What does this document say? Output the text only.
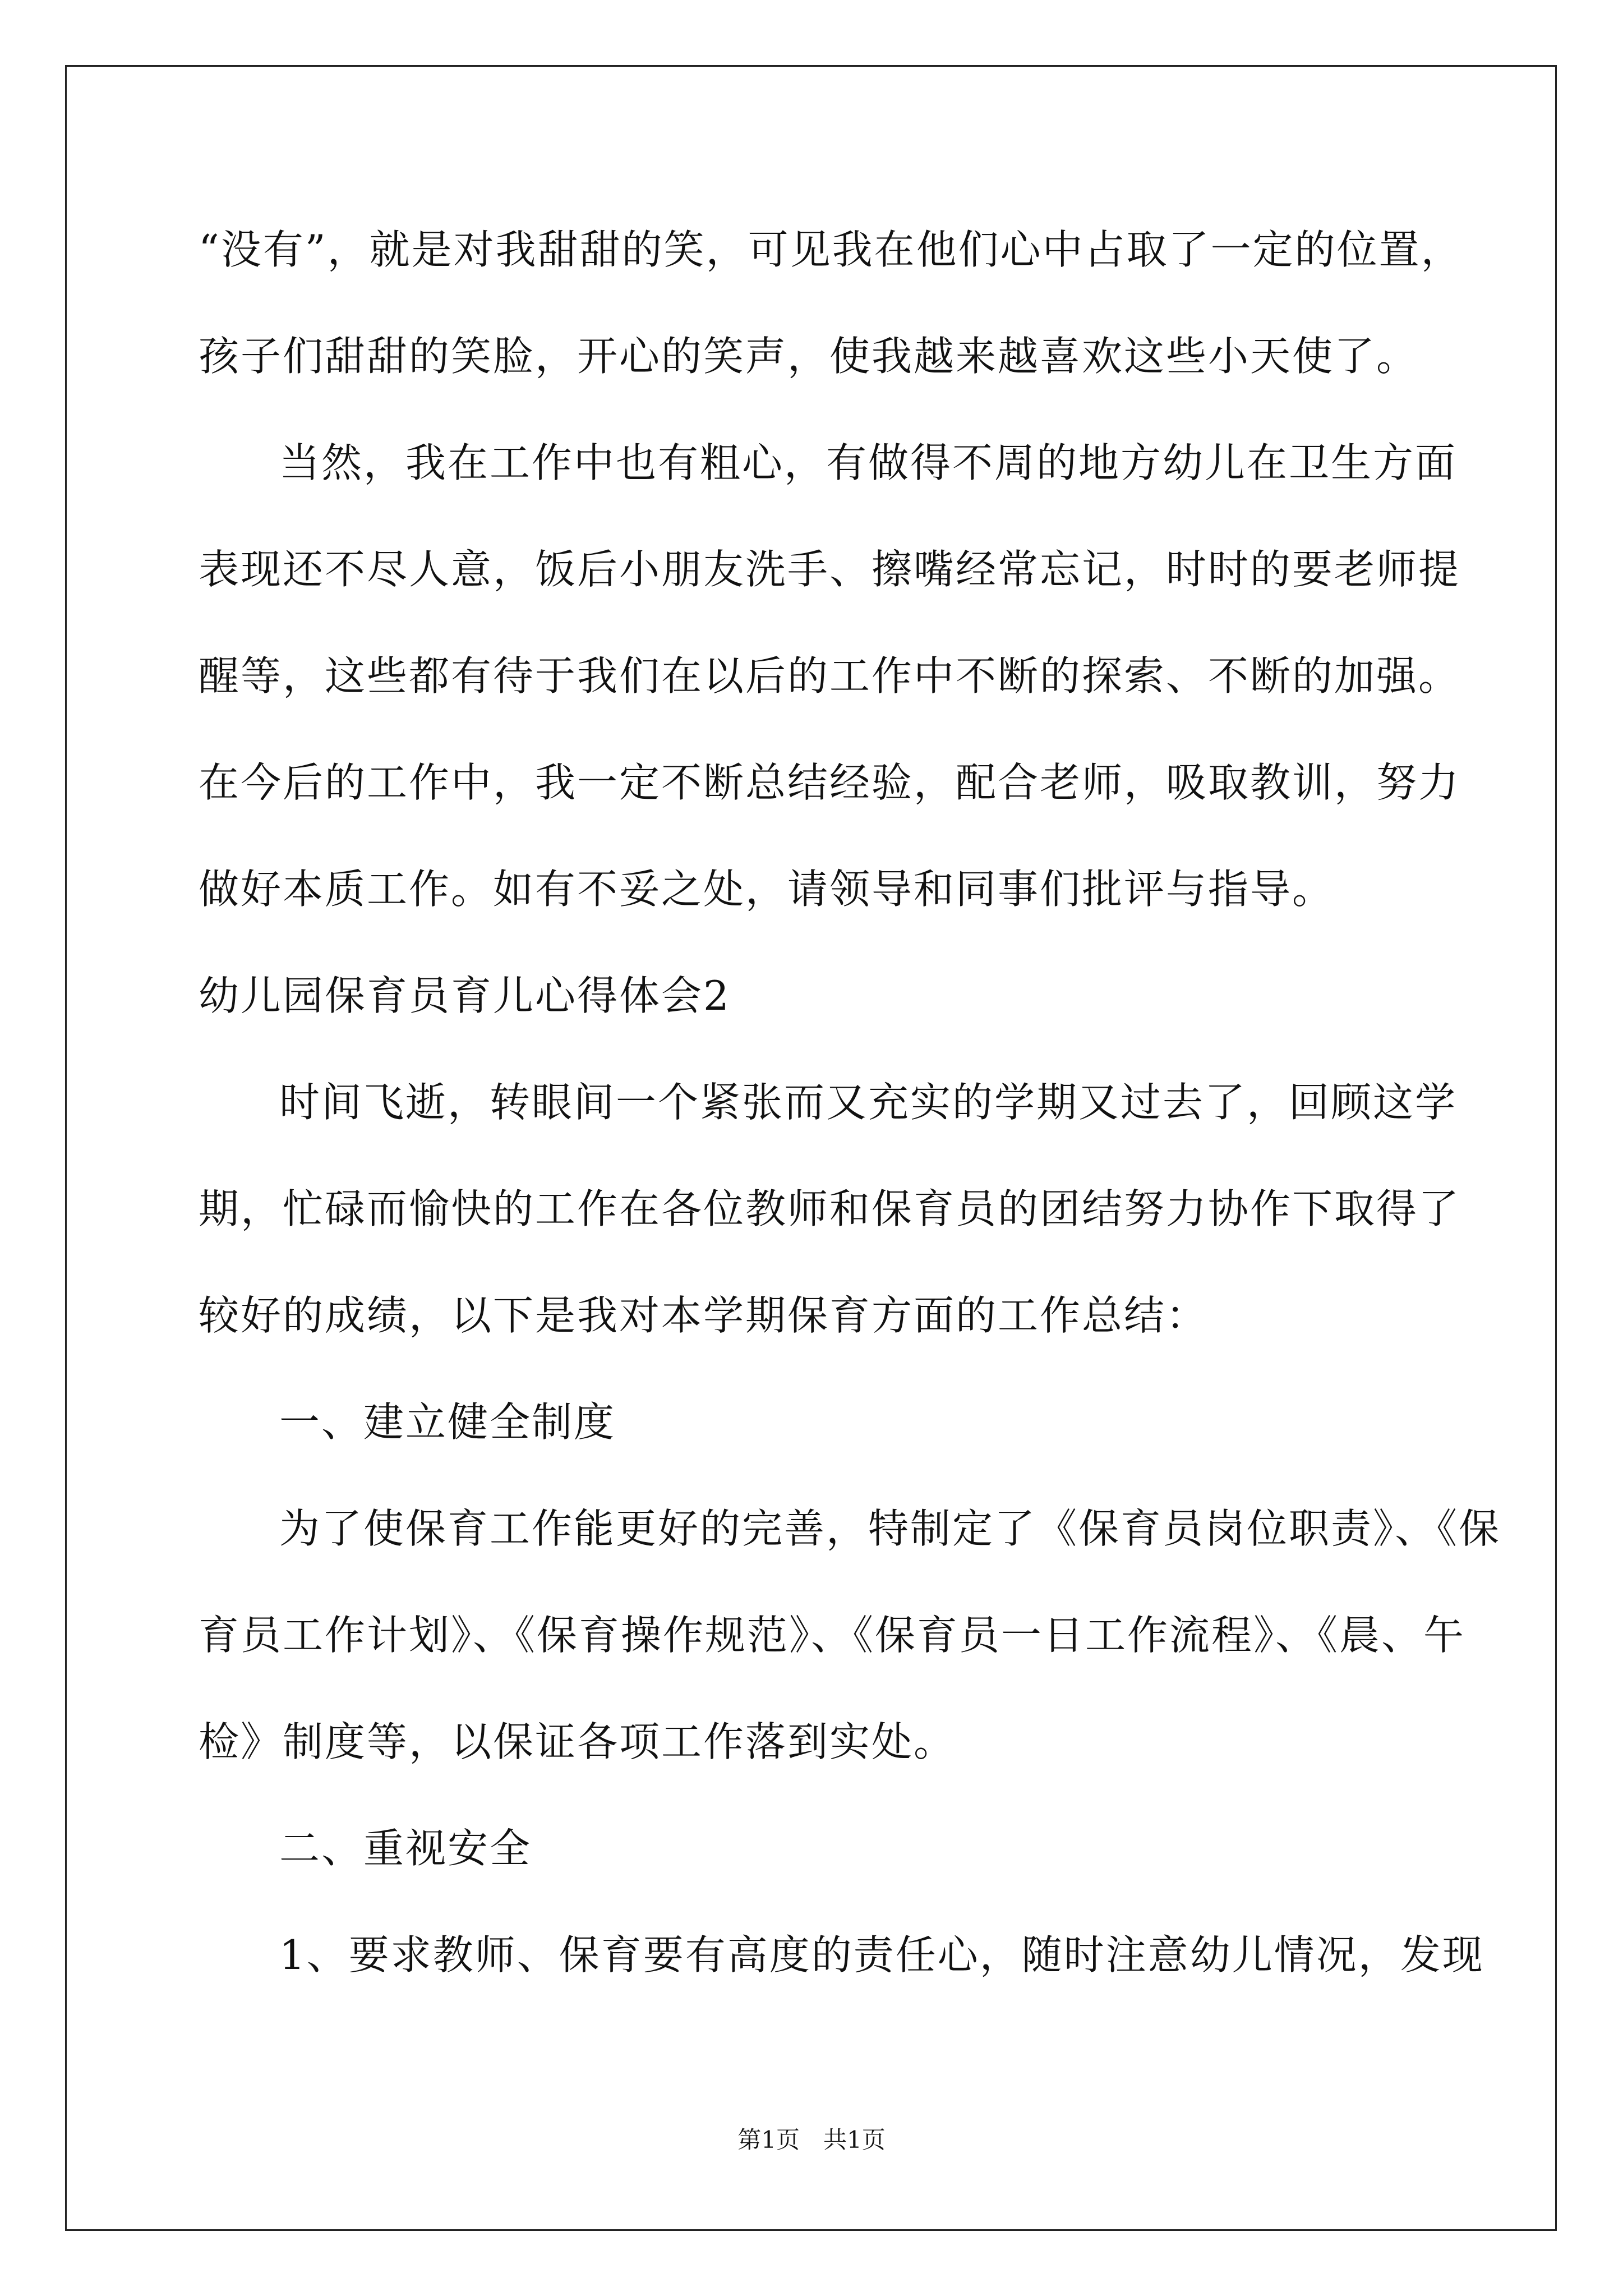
“没有”，就是对我甜甜的笑，可见我在他们心中占取了一定的位置，
孩子们甜甜的笑脸，开心的笑声，使我越来越喜欢这些小天使了。
当然，我在工作中也有粗心，有做得不周的地方幼儿在卫生方面
表现还不尽人意，饭后小朋友洗手、擦嘴经常忘记，时时的要老师提
醒等，这些都有待于我们在以后的工作中不断的探索、不断的加强。
在今后的工作中，我一定不断总结经验，配合老师，吸取教训，努力
做好本质工作。如有不妥之处，请领导和同事们批评与指导。
幼儿园保育员育儿心得体会2
时间飞逝，转眼间一个紧张而又充实的学期又过去了，回顾这学
期，忙碌而愉快的工作在各位教师和保育员的团结努力协作下取得了
较好的成绩，以下是我对本学期保育方面的工作总结：
一、建立健全制度
为了使保育工作能更好的完善，特制定了《保育员岗位职责》、《保
育员工作计划》、《保育操作规范》、《保育员一日工作流程》、《晨、午
检》制度等，以保证各项工作落到实处。
二、重视安全
1、要求教师、保育要有高度的责任心，随时注意幼儿情况，发现
第1页　共1页
